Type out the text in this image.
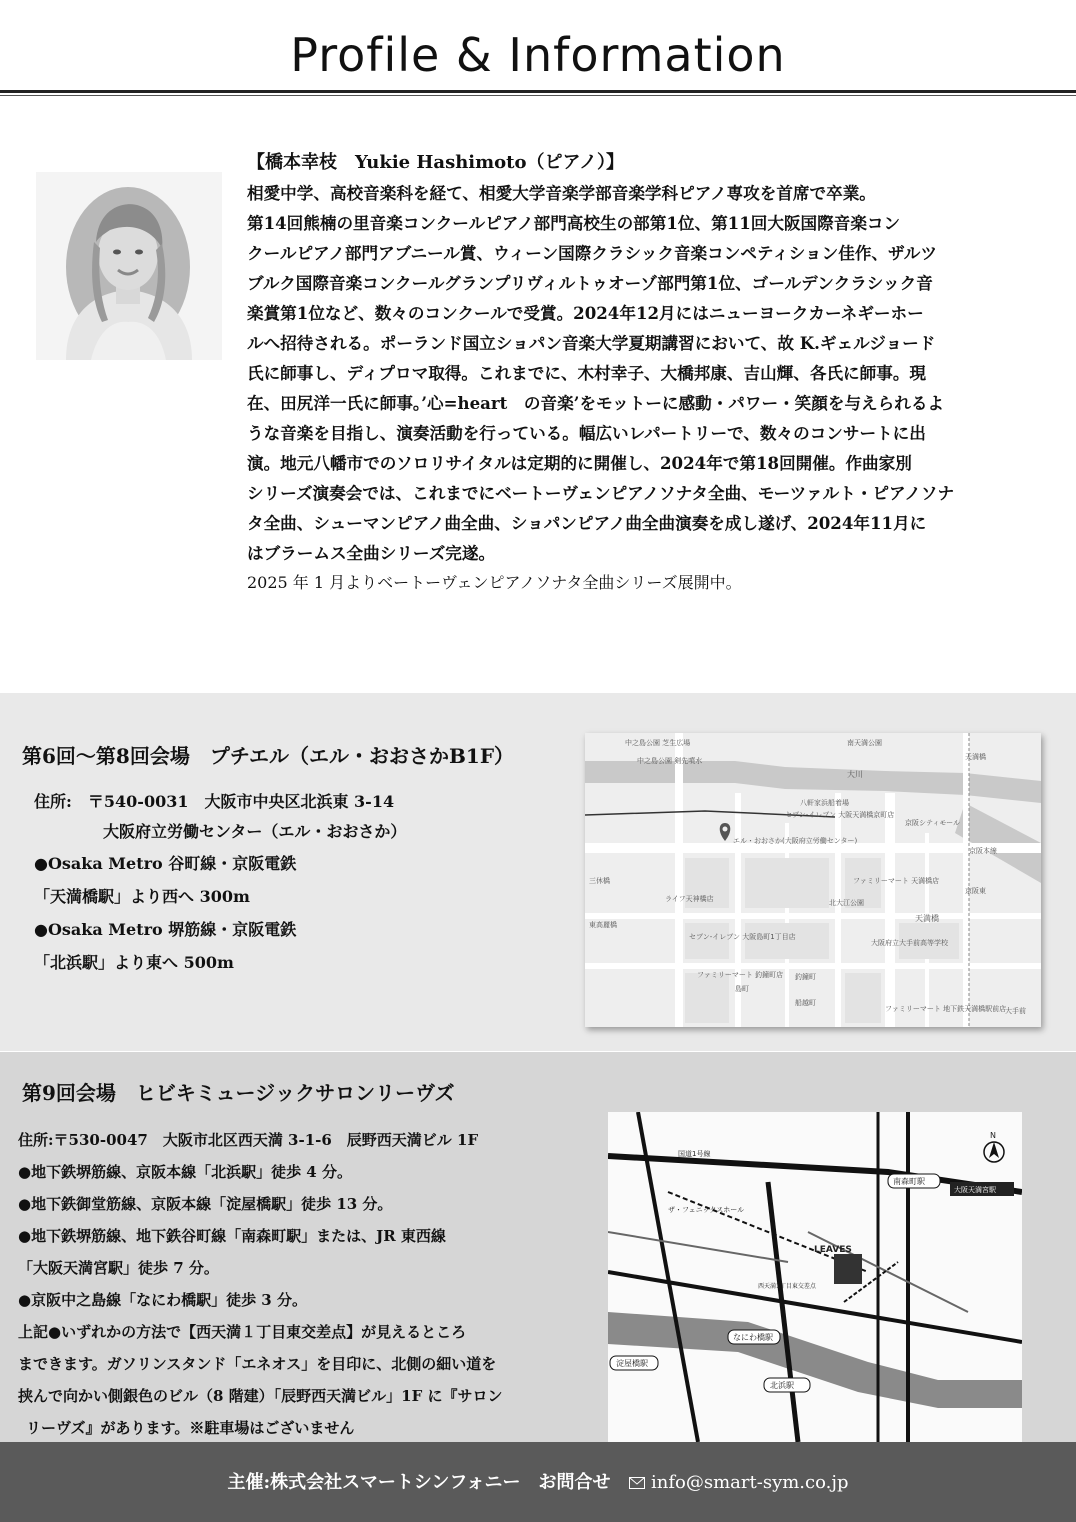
Profile & Information
【橋本幸枝　Yukie Hashimoto（ピアノ）】
相愛中学、高校音楽科を経て、相愛大学音楽学部音楽学科ピアノ専攻を首席で卒業。
第14回熊楠の里音楽コンクールピアノ部門高校生の部第1位、第11回大阪国際音楽コン
クールピアノ部門アブニール賞、ウィーン国際クラシック音楽コンペティション佳作、ザルツ
ブルク国際音楽コンクールグランプリヴィルトゥオーゾ部門第1位、ゴールデンクラシック音
楽賞第1位など、数々のコンクールで受賞。2024年12月にはニューヨークカーネギーホー
ルへ招待される。ポーランド国立ショパン音楽大学夏期講習において、故 K.ギェルジョード
氏に師事し、ディプロマ取得。これまでに、木村幸子、大橋邦康、吉山輝、各氏に師事。現
在、田尻洋一氏に師事。’心=heart　の音楽’をモットーに感動・パワー・笑顔を与えられるよ
うな音楽を目指し、演奏活動を行っている。幅広いレパートリーで、数々のコンサートに出
演。地元八幡市でのソロリサイタルは定期的に開催し、2024年で第18回開催。作曲家別
シリーズ演奏会では、これまでにベートーヴェンピアノソナタ全曲、モーツァルト・ピアノソナ
タ全曲、シューマンピアノ曲全曲、ショパンピアノ曲全曲演奏を成し遂げ、2024年11月に
はブラームス全曲シリーズ完遂。
2025 年 1 月よりベートーヴェンピアノソナタ全曲シリーズ展開中。
第6回～第8回会場　プチエル（エル・おおさかB1F）
住所:　〒540-0031　大阪市中央区北浜東 3-14
大阪府立労働センター（エル・おおさか）
●Osaka Metro 谷町線・京阪電鉄
「天満橋駅」より西へ 300m
●Osaka Metro 堺筋線・京阪電鉄
「北浜駅」より東へ 500m
中之島公園 芝生広場
中之島公園 剣先噴水
南天満公園
大川
天満橋
八軒家浜船着場
セブン-イレブン 大阪天満橋京町店
京阪シティモール
エル・おおさか(大阪府立労働センター)
ファミリーマート 天満橋店
天満橋
北大江公園
ライフ天神橋店
セブン-イレブン 大阪島町1丁目店
大阪府立大手前高等学校
京阪本線
ファミリーマート 釣鐘町店 釣鐘町
ファミリーマート 地下鉄天満橋駅前店
船越町
大手前
東高麗橋
三休橋
島町
京阪東
第9回会場　ヒビキミュージックサロンリーヴズ
住所:〒530-0047　大阪市北区西天満 3-1-6　辰野西天満ビル 1F
●地下鉄堺筋線、京阪本線「北浜駅」徒歩 4 分。
●地下鉄御堂筋線、京阪本線「淀屋橋駅」徒歩 13 分。
●地下鉄堺筋線、地下鉄谷町線「南森町駅」または、JR 東西線
「大阪天満宮駅」徒歩 7 分。
●京阪中之島線「なにわ橋駅」徒歩 3 分。
上記●いずれかの方法で【西天満１丁目東交差点】が見えるところ
まできます。ガソリンスタンド「エネオス」を目印に、北側の細い道を
挟んで向かい側銀色のビル（8 階建）「辰野西天満ビル」1F に『サロン
リーヴズ』があります。※駐車場はございません
N
南森町駅
大阪天満宮駅
なにわ橋駅
淀屋橋駅
北浜駅
LEAVES
国道1号線
ザ・フェニックスホール
西天満1丁目東交差点
主催:株式会社スマートシンフォニー　お問合せ info@smart-sym.co.jp
